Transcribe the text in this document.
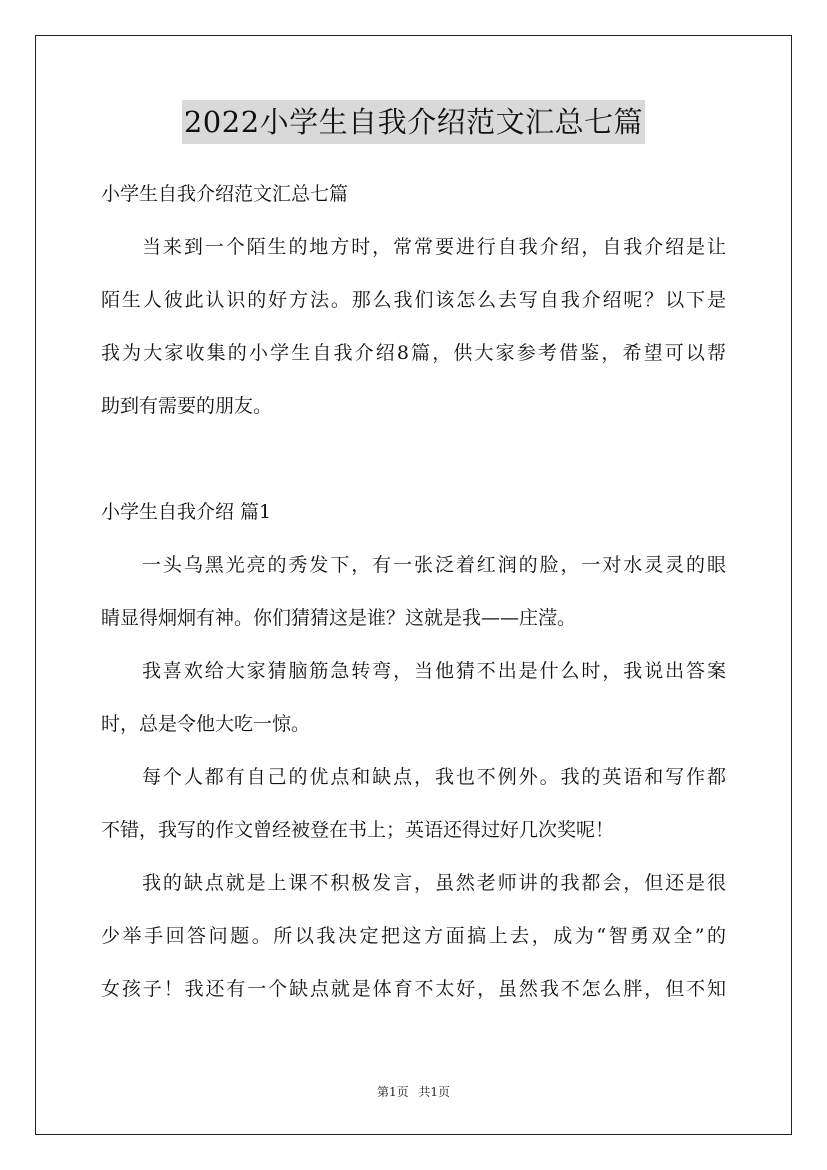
2022小学生自我介绍范文汇总七篇
小学生自我介绍范文汇总七篇
当来到一个陌生的地方时，常常要进行自我介绍，自我介绍是让
陌生人彼此认识的好方法。那么我们该怎么去写自我介绍呢？以下是
我为大家收集的小学生自我介绍8篇，供大家参考借鉴，希望可以帮
助到有需要的朋友。
小学生自我介绍 篇1
一头乌黑光亮的秀发下，有一张泛着红润的脸，一对水灵灵的眼
睛显得炯炯有神。你们猜猜这是谁？这就是我——庄滢。
我喜欢给大家猜脑筋急转弯，当他猜不出是什么时，我说出答案
时，总是令他大吃一惊。
每个人都有自己的优点和缺点，我也不例外。我的英语和写作都
不错，我写的作文曾经被登在书上；英语还得过好几次奖呢！
我的缺点就是上课不积极发言，虽然老师讲的我都会，但还是很
少举手回答问题。所以我决定把这方面搞上去，成为“智勇双全”的
女孩子！我还有一个缺点就是体育不太好，虽然我不怎么胖，但不知
第1页 共1页
